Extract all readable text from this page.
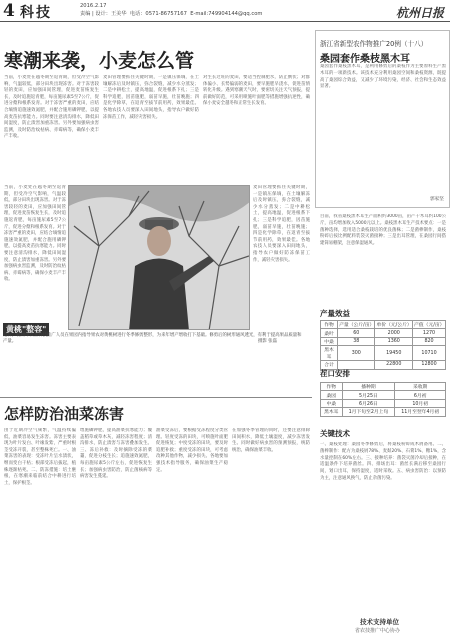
4 科技	2016.2.17
责编 | 设计：王美华 电话：0571-86757167 E-mail:749904144@qq.com	杭州日报
寒潮来袭，小麦怎么管
当前，小麦处在越冬期至返青期，但受冷空气影响，气温较低，部分田块出现冻害。对于冻害较轻的麦田，应加强田间管理，促进麦苗恢复生长，及时追施返青肥，每亩施尿素5至7公斤，促进分蘖和根系发育。对于冻害严重的麦田，应结合墒情追施速效氮肥，并配合施用磷钾肥，以提高麦苗抗寒能力。同时要注意清沟排水，降低田间湿度，防止渍害加重冻害。另外要加强病虫害监测，及时防治纹枯病、赤霉病等，确保小麦丰产丰收。
当前，小麦处在越冬期至返青期，但受冷空气影响，气温较低，部分田块出现冻害。对于冻害较轻的麦田，应加强田间管理，促进麦苗恢复生长，及时追施返青肥，每亩施尿素5至7公斤，促进分蘖和根系发育。对于冻害严重的麦田，应结合墒情追施速效氮肥，并配合施用磷钾肥，以提高麦苗抗寒能力。同时要注意清沟排水，降低田间湿度，防止渍害加重冻害。另外要加强病虫害监测，及时防治纹枯病、赤霉病等，确保小麦丰产丰收。
麦田管理要抓住关键时期，一是镇压保墒，在土壤解冻后及时镇压，弥合裂缝，减少水分蒸发；二是中耕松土，提高地温，促进根系下扎；三是科学追肥，因苗施肥，弱苗早施，壮苗晚施；四是化学除草，在返青至拔节前用药，效果最佳。各地农技人员要深入田间地头，指导农户做好防冻保苗工作，减轻灾害损失。
对生长过旺的麦田，要适当控制肥水，防止倒伏；对群体偏小、长势偏弱的麦田，要早施肥早浇水，促进苗情转化升级。遇到寒潮天气时，要密切关注天气预报，提前做好防范，可采用喷施叶面肥等措施增强抗逆性，确保小麦安全越冬和正常生长发育。
麦田管理要抓住关键时期，一是镇压保墒，在土壤解冻后及时镇压，弥合裂缝，减少水分蒸发；二是中耕松土，提高地温，促进根系下扎；三是科学追肥，因苗施肥，弱苗早施，壮苗晚施；四是化学除草，在返青至拔节前用药，效果最佳。各地农技人员要深入田间地头，指导农户做好防冻保苗工作，减轻灾害损失。
黄桃"整容"
近日，杭州市农业科技推广人员在果园内指导果农对黄桃树进行冬季修剪整形，为来年增产增收打下基础。修剪后的树形通风透光，有利于提高果品质量和产量。	摄影 张磊
怎样防治油菜冻害
由于近期冷空气频繁，气温持续偏低，油菜容易发生冻害。冻害主要表现为叶片发白、叶缘发紫，严重时根茎受冻开裂，甚至整株死亡。一、油菜冻害的表现：受冻叶片呈水渍状，继而变白干枯；根部受冻后拔起，植株逐渐枯死。二、防冻措施：培土壅根，在寒潮来临前结合中耕进行培土，保护根茎。
增施磷钾肥，提高油菜抗寒能力；覆盖稻草或草木灰，减轻冻害程度；清沟排水，防止渍害与冻害叠加发生。三、冻后补救：及时摘除受冻的菜薹，促进分枝生长；追施速效氮肥，每亩施尿素5公斤左右，促进恢复生长；加强病虫害防治，防止菌核病等病害发生蔓延。
油菜受冻后，要根据受冻程度分类管理。轻度受冻的田块，可喷施叶面肥促进恢复；中度受冻的田块，要及时追肥补救；重度受冻的田块，可考虑改种其他作物，减少损失。各地要加强技术指导服务，确保油菜生产稳定。
在加强冬季管理的同时，还要注意排除田间积水，降低土壤湿度，减少冻害发生。同时做好病虫害的预测预报，统防统治，确保油菜丰收。
浙江省新型农作物推广20例（十八）
桑园套作桑枝黑木耳
桑园套作桑枝黑木耳，是利用修剪后的桑枝作为主要原料生产黑木耳的一项新技术。该技术充分利用桑园空间和桑枝资源，既提高了桑园综合效益，又减少了环境污染，经济、社会和生态效益显著。
郭家坚
目前，我省桑枝黑木耳生产面积约3000亩，亩产干木耳约100公斤，亩均增加收入5000元以上。桑枝黑木耳生产技术要点：一是菌种选择，选用适合桑枝栽培的优良菌株；二是菌棒制作，桑枝粉碎后按比例配料装袋灭菌接种；三是出耳管理，在桑园行间搭建简易棚架，注意保湿通风。
产量效益
作物	产量（公斤/亩）	单价（元/公斤）	产值（元/亩）
桑叶	60	2000	1270
中桑	38	1360	820
黑木耳	300	19450	10710
合计		22800	12800
茬口安排
作物	播种期	采收期
桑园	5月25日	6月初
中桑	6月26日	10月初
黑木耳	1月下旬至2月上旬	11月至翌年4月初
关键技术
一、桑枝处理：桑园冬季修剪后，将桑枝粉碎成木屑备用。二、菌棒制作：配方为桑枝屑78%、麦麸20%、石膏1%、糖1%，含水量控制在60%左右。三、接种培养：菌袋灭菌冷却后接种，在适温条件下培养菌丝。四、排场出耳：菌丝长满后移至桑园行间，划口出耳，保持湿度，适时采收。五、病虫害防治：以预防为主，注意通风换气，防止杂菌污染。
技术支持单位
省农技推广中心协办
